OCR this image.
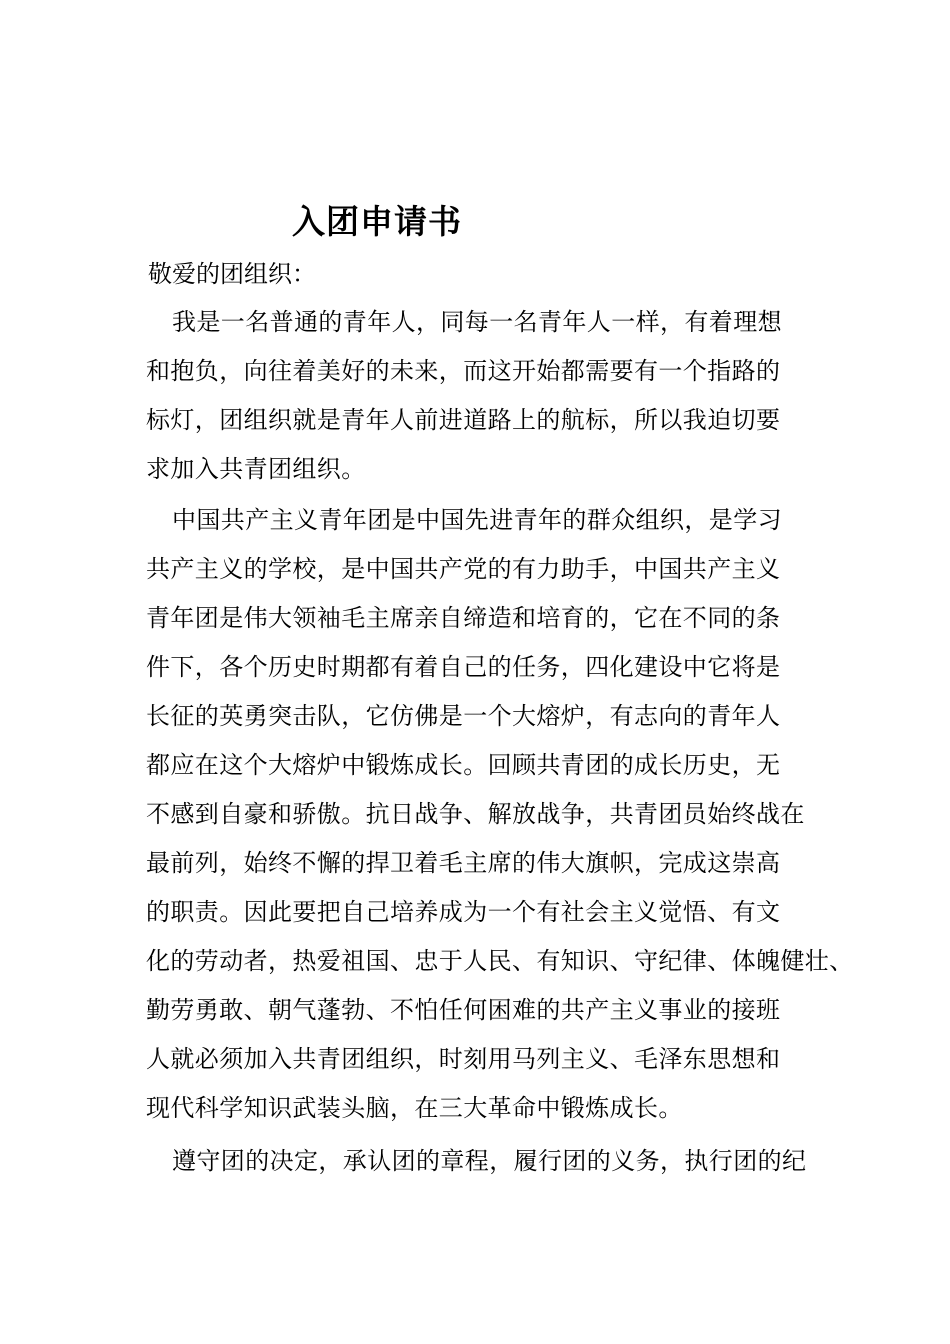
入团申请书
敬爱的团组织：
我是一名普通的青年人，同每一名青年人一样，有着理想
和抱负，向往着美好的未来，而这开始都需要有一个指路的
标灯，团组织就是青年人前进道路上的航标，所以我迫切要
求加入共青团组织。
中国共产主义青年团是中国先进青年的群众组织，是学习
共产主义的学校，是中国共产党的有力助手，中国共产主义
青年团是伟大领袖毛主席亲自缔造和培育的，它在不同的条
件下，各个历史时期都有着自己的任务，四化建设中它将是
长征的英勇突击队，它仿佛是一个大熔炉，有志向的青年人
都应在这个大熔炉中锻炼成长。回顾共青团的成长历史，无
不感到自豪和骄傲。抗日战争、解放战争，共青团员始终战在
最前列，始终不懈的捍卫着毛主席的伟大旗帜，完成这崇高
的职责。因此要把自己培养成为一个有社会主义觉悟、有文
化的劳动者，热爱祖国、忠于人民、有知识、守纪律、体魄健壮、
勤劳勇敢、朝气蓬勃、不怕任何困难的共产主义事业的接班
人就必须加入共青团组织，时刻用马列主义、毛泽东思想和
现代科学知识武装头脑，在三大革命中锻炼成长。
遵守团的决定，承认团的章程，履行团的义务，执行团的纪
